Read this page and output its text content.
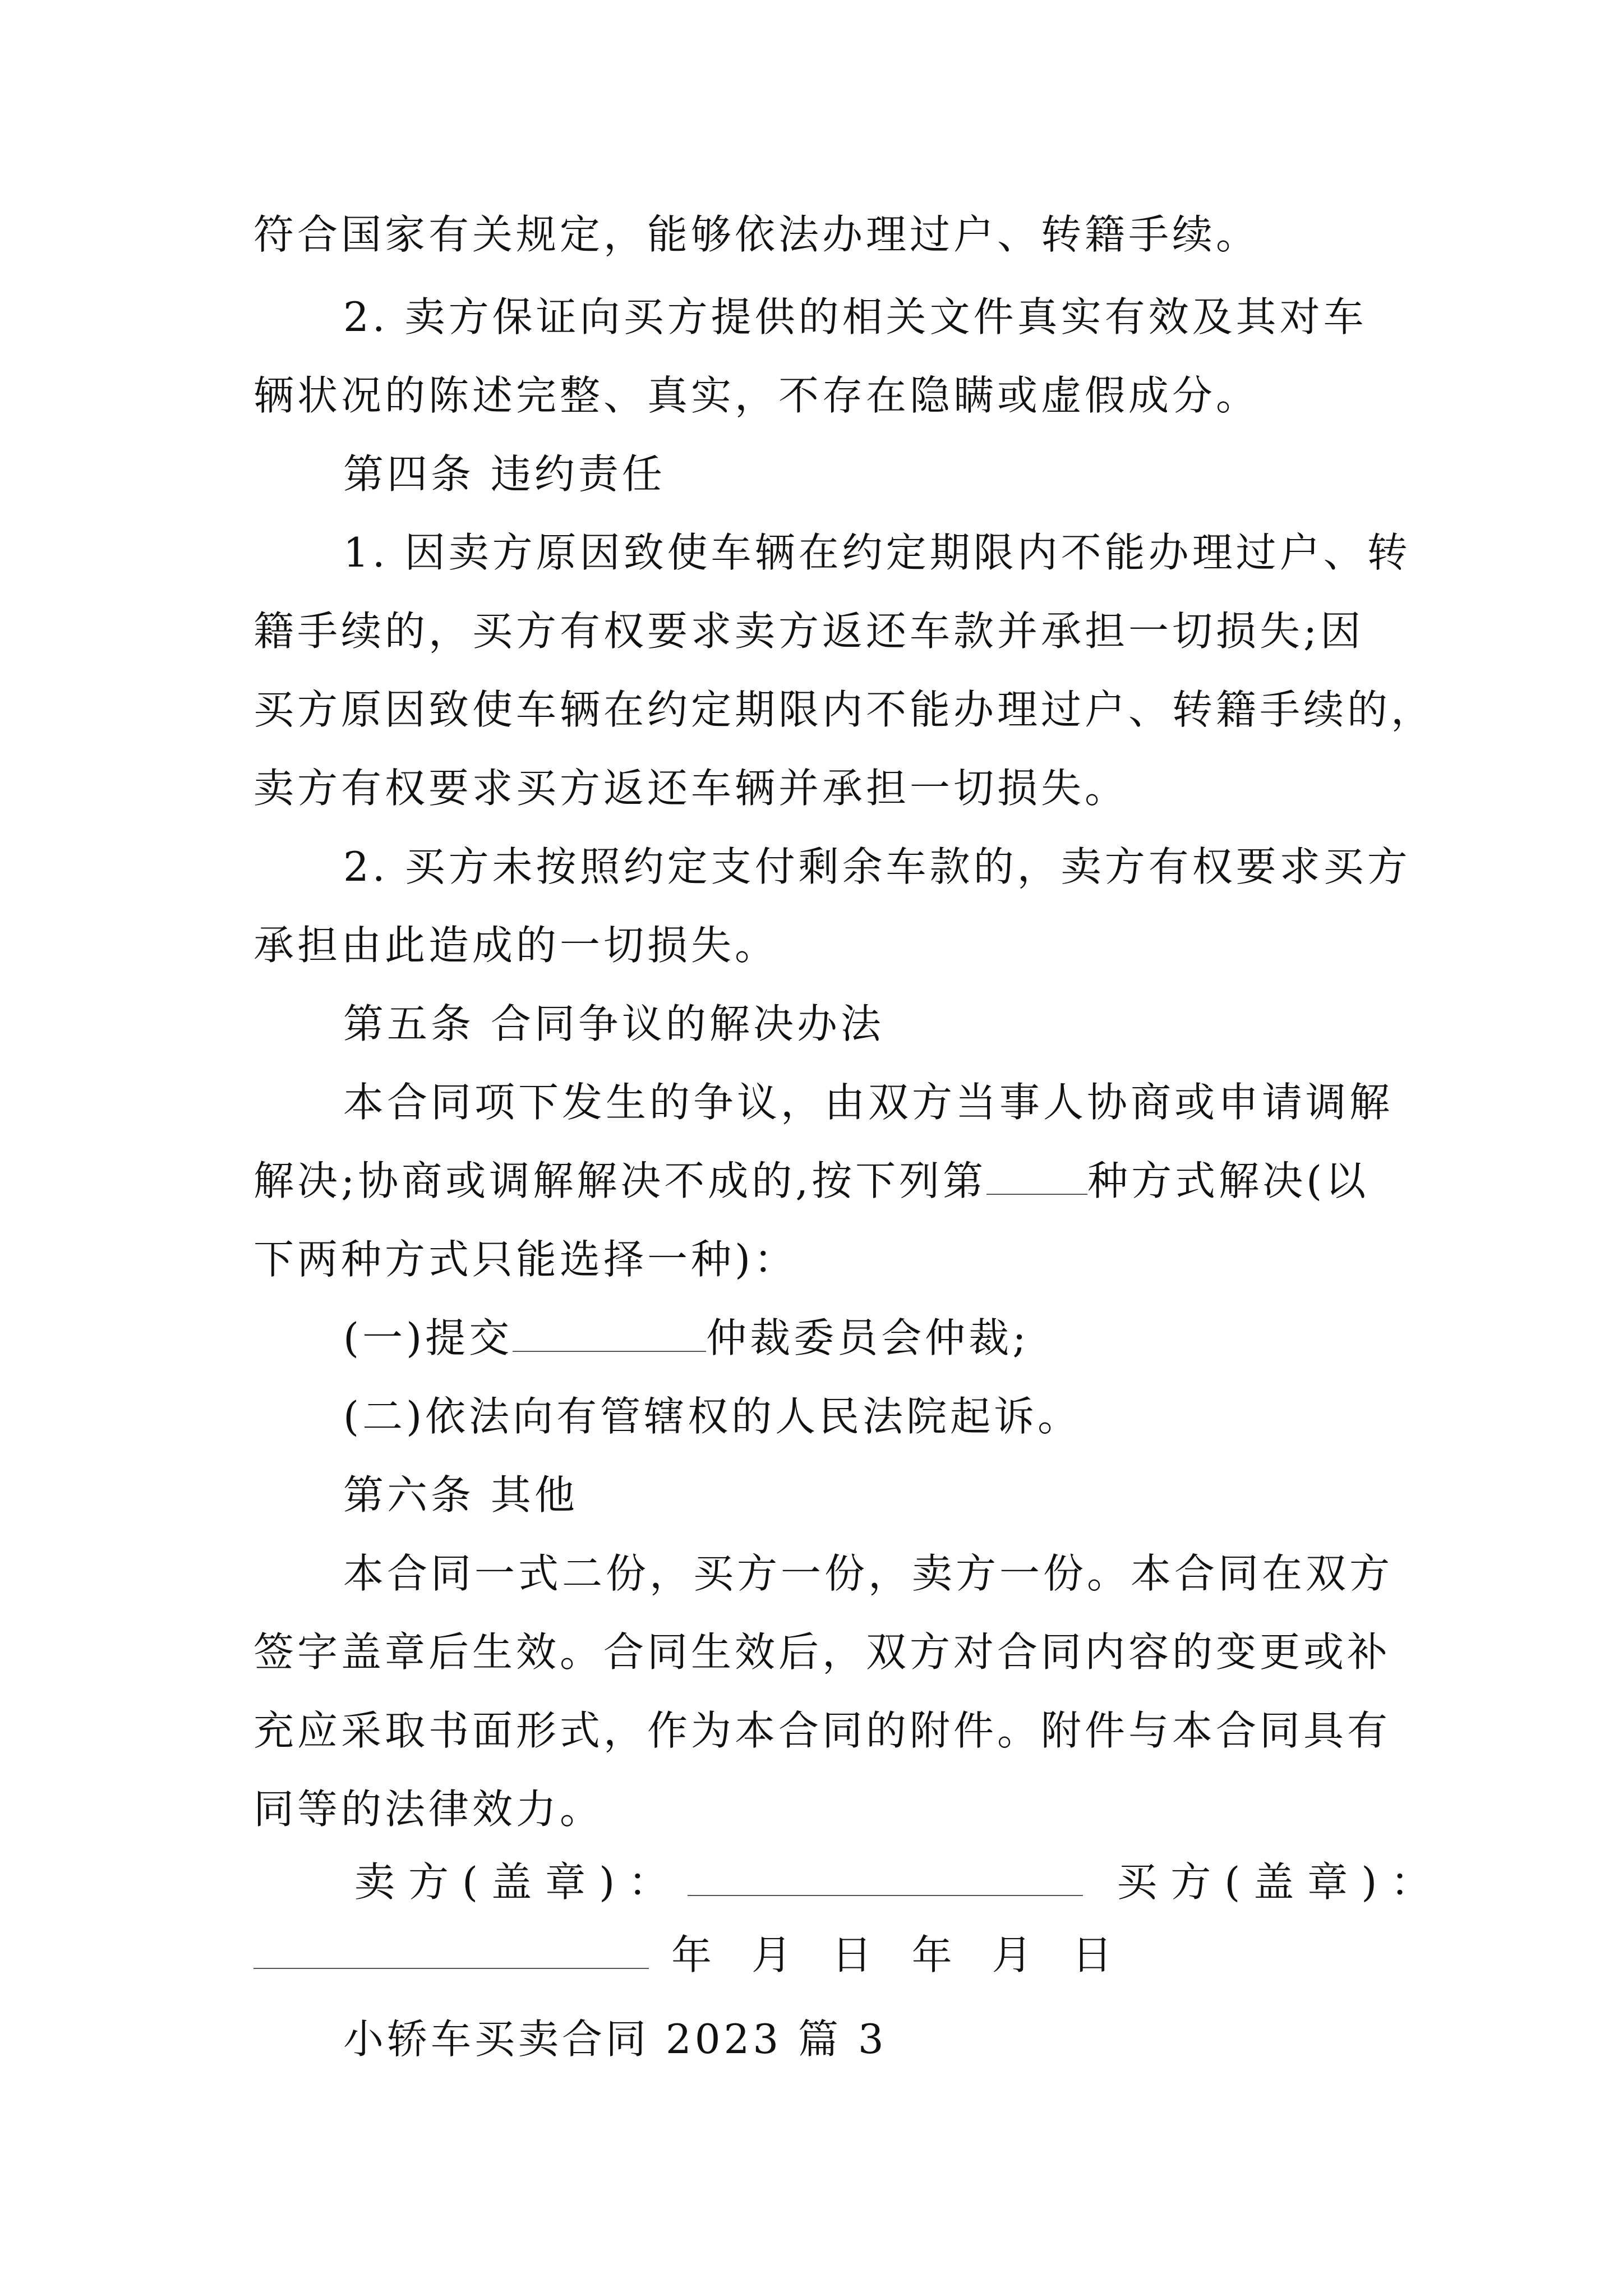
符合国家有关规定，能够依法办理过户、转籍手续。
2. 卖方保证向买方提供的相关文件真实有效及其对车
辆状况的陈述完整、真实，不存在隐瞒或虚假成分。
第四条 违约责任
1. 因卖方原因致使车辆在约定期限内不能办理过户、转
籍手续的，买方有权要求卖方返还车款并承担一切损失;因
买方原因致使车辆在约定期限内不能办理过户、转籍手续的，
卖方有权要求买方返还车辆并承担一切损失。
2. 买方未按照约定支付剩余车款的，卖方有权要求买方
承担由此造成的一切损失。
第五条 合同争议的解决办法
本合同项下发生的争议，由双方当事人协商或申请调解
解决;协商或调解解决不成的,按下列第	种方式解决(以
下两种方式只能选择一种)：
(一)提交	仲裁委员会仲裁;
(二)依法向有管辖权的人民法院起诉。
第六条 其他
本合同一式二份，买方一份，卖方一份。本合同在双方
签字盖章后生效。合同生效后，双方对合同内容的变更或补
充应采取书面形式，作为本合同的附件。附件与本合同具有
同等的法律效力。
卖方(盖章)：	买方(盖章)：
年 月 日 年 月 日
小轿车买卖合同 2023 篇 3
